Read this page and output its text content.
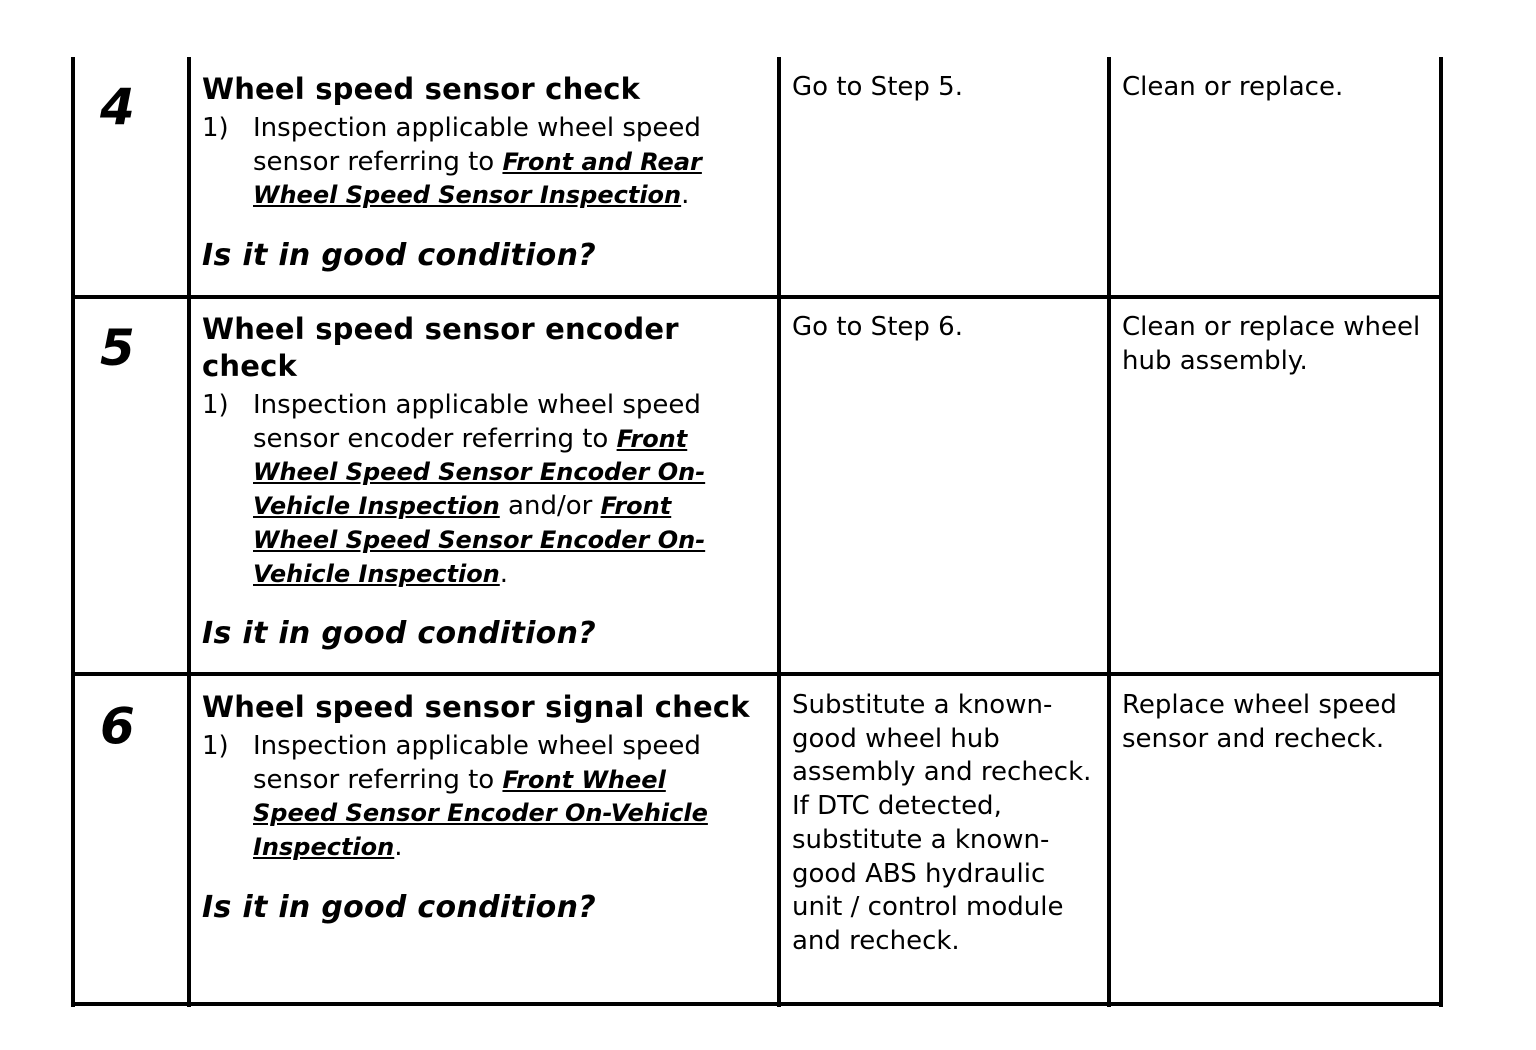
4 Wheel speed sensor check
1) Inspection applicable wheel speed sensor referring to Front and Rear Wheel Speed Sensor Inspection.
Is it in good condition?
Go to Step 5.	Clean or replace.
5 Wheel speed sensor encoder check
1) Inspection applicable wheel speed sensor encoder referring to Front Wheel Speed Sensor Encoder On-Vehicle Inspection and/or Front Wheel Speed Sensor Encoder On-Vehicle Inspection.
Is it in good condition?
Go to Step 6.	Clean or replace wheel hub assembly.
6 Wheel speed sensor signal check
1) Inspection applicable wheel speed sensor referring to Front Wheel Speed Sensor Encoder On-Vehicle Inspection.
Is it in good condition?
Substitute a known-good wheel hub assembly and recheck. If DTC detected, substitute a known-good ABS hydraulic unit / control module and recheck.
Replace wheel speed sensor and recheck.
